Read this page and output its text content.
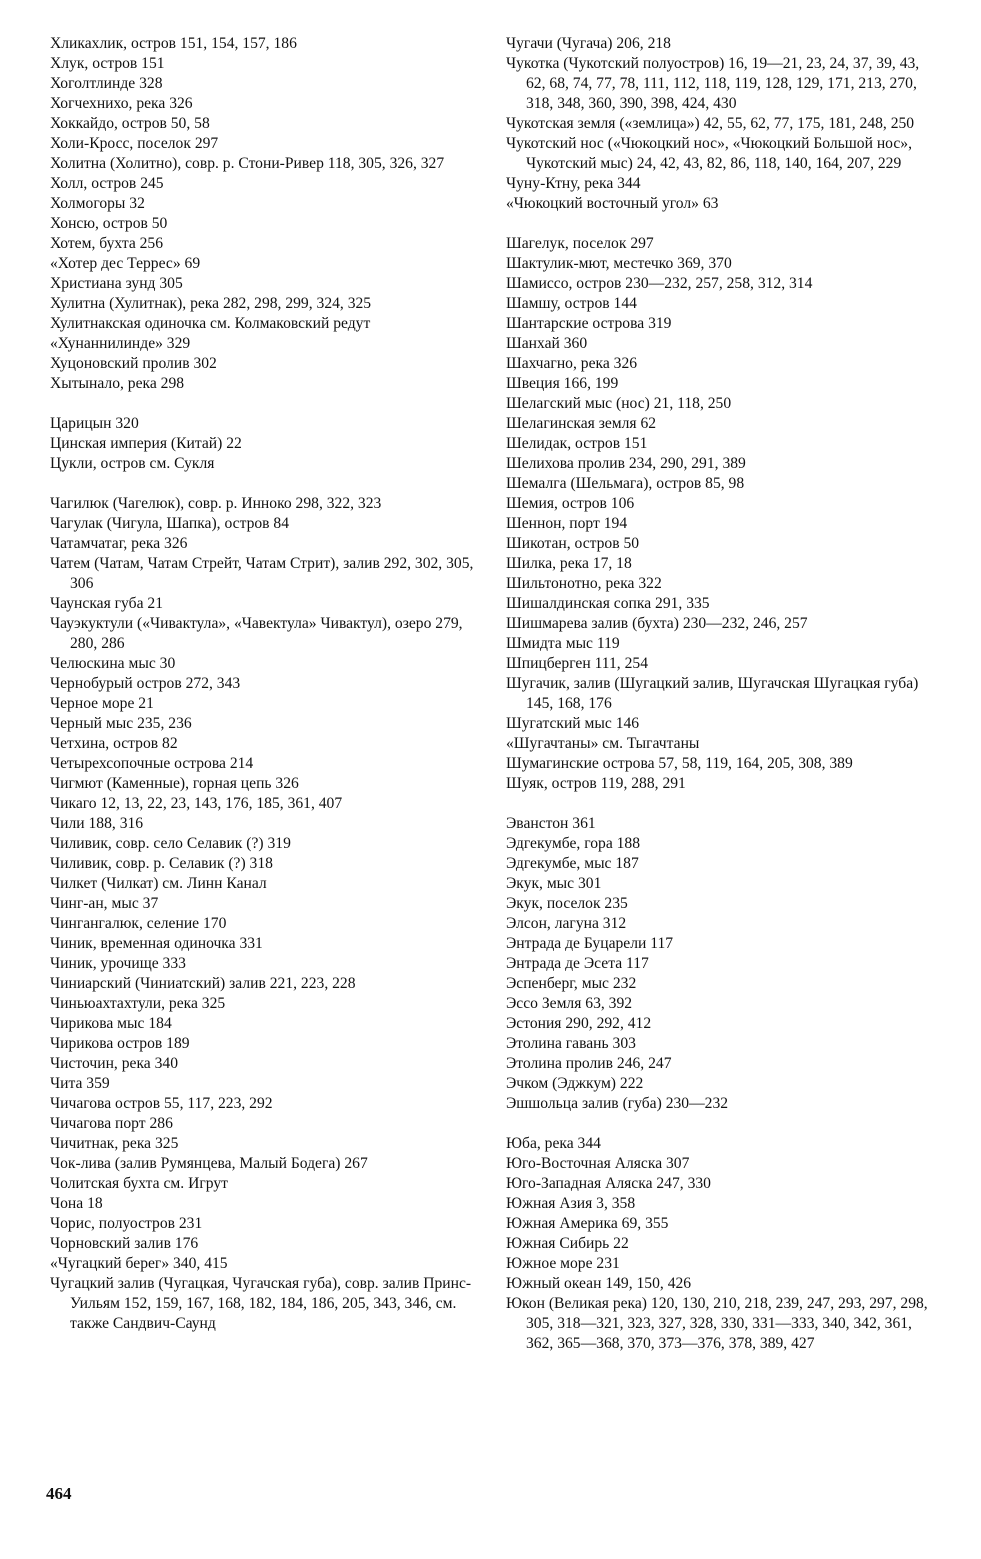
Хликахлик, остров 151, 154, 157, 186

Хлук, остров 151

Хоголтлинде 328

Хогчехнихо, река 326

Хоккайдо, остров 50, 58

Холи-Кросс, поселок 297

Холитна (Холитно), совр. р. Стони-Ривер 118, 305, 326, 327

Холл, остров 245

Холмогоры 32

Хонсю, остров 50

Хотем, бухта 256

«Хотер дес Террес» 69

Христиана зунд 305

Хулитна (Хулитнак), река 282, 298, 299, 324, 325

Хулитнакская одиночка см. Колмаковский редут

«Хунаннилинде» 329

Хуцоновский пролив 302

Хытынало, река 298

Царицын 320

Цинская империя (Китай) 22

Цукли, остров см. Сукля

Чагилюк (Чагелюк), совр. р. Инноко 298, 322, 323

Чагулак (Чигула, Шапка), остров 84

Чатамчатаг, река 326

Чатем (Чатам, Чатам Стрейт, Чатам Стрит), залив 292, 302, 305, 306

Чаунская губа 21

Чауэкуктули («Чивактула», «Чавектула» Чивактул), озеро 279, 280, 286

Челюскина мыс 30

Чернобурый остров 272, 343

Черное море 21

Черный мыс 235, 236

Четхина, остров 82

Четырехсопочные острова 214

Чигмют (Каменные), горная цепь 326

Чикаго 12, 13, 22, 23, 143, 176, 185, 361, 407

Чили 188, 316

Чиливик, совр. село Селавик (?) 319

Чиливик, совр. р. Селавик (?) 318

Чилкет (Чилкат) см. Линн Канал

Чинг-ан, мыс 37

Чингангалюк, селение 170

Чиник, временная одиночка 331

Чиник, урочище 333

Чиниарский (Чиниатский) залив 221, 223, 228

Чиньюахтахтули, река 325

Чирикова мыс 184

Чирикова остров 189

Чисточин, река 340

Чита 359

Чичагова остров 55, 117, 223, 292

Чичагова порт 286

Чичитнак, река 325

Чок-лива (залив Румянцева, Малый Бодега) 267

Чолитская бухта см. Игрут

Чона 18

Чорис, полуостров 231

Чорновский залив 176

«Чугацкий берег» 340, 415

Чугацкий залив (Чугацкая, Чугачская губа), совр. залив Принс-Уильям 152, 159, 167, 168, 182, 184, 186, 205, 343, 346, см. также Сандвич-Саунд

Чугачи (Чугача) 206, 218

Чукотка (Чукотский полуостров) 16, 19—21, 23, 24, 37, 39, 43, 62, 68, 74, 77, 78, 111, 112, 118, 119, 128, 129, 171, 213, 270, 318, 348, 360, 390, 398, 424, 430

Чукотская земля («землица») 42, 55, 62, 77, 175, 181, 248, 250

Чукотский нос («Чюкоцкий нос», «Чюкоцкий Большой нос», Чукотский мыс) 24, 42, 43, 82, 86, 118, 140, 164, 207, 229

Чуну-Ктну, река 344

«Чюкоцкий восточный угол» 63

Шагелук, поселок 297

Шактулик-мют, местечко 369, 370

Шамиссо, остров 230—232, 257, 258, 312, 314

Шамшу, остров 144

Шантарские острова 319

Шанхай 360

Шахчагно, река 326

Швеция 166, 199

Шелагский мыс (нос) 21, 118, 250

Шелагинская земля 62

Шелидак, остров 151

Шелихова пролив 234, 290, 291, 389

Шемалга (Шельмага), остров 85, 98

Шемия, остров 106

Шеннон, порт 194

Шикотан, остров 50

Шилка, река 17, 18

Шильтонотно, река 322

Шишалдинская сопка 291, 335

Шишмарева залив (бухта) 230—232, 246, 257

Шмидта мыс 119

Шпицберген 111, 254

Шугачик, залив (Шугацкий залив, Шугачская Шугацкая губа) 145, 168, 176

Шугатский мыс 146

«Шугачтаны» см. Тыгачтаны

Шумагинские острова 57, 58, 119, 164, 205, 308, 389

Шуяк, остров 119, 288, 291

Эванстон 361

Эдгекумбе, гора 188

Эдгекумбе, мыс 187

Экук, мыс 301

Экук, поселок 235

Элсон, лагуна 312

Энтрада де Буцарели 117

Энтрада де Эсета 117

Эспенберг, мыс 232

Эссо Земля 63, 392

Эстония 290, 292, 412

Этолина гавань 303

Этолина пролив 246, 247

Эчком (Эджкум) 222

Эшшольца залив (губа) 230—232

Юба, река 344

Юго-Восточная Аляска 307

Юго-Западная Аляска 247, 330

Южная Азия 3, 358

Южная Америка 69, 355

Южная Сибирь 22

Южное море 231

Южный океан 149, 150, 426

Юкон (Великая река) 120, 130, 210, 218, 239, 247, 293, 297, 298, 305, 318—321, 323, 327, 328, 330, 331—333, 340, 342, 361, 362, 365—368, 370, 373—376, 378, 389, 427

464
